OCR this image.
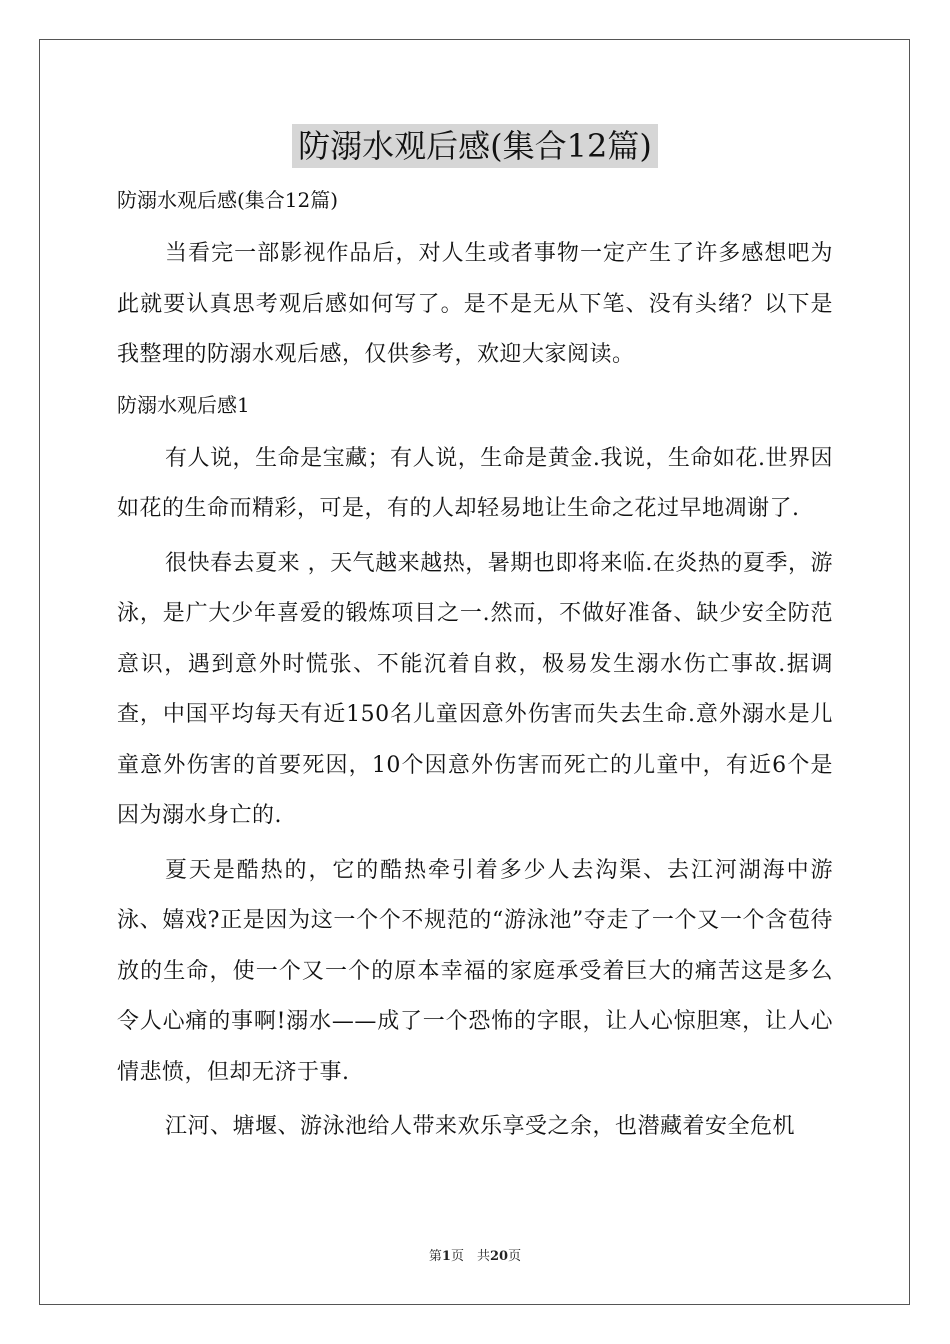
防溺水观后感(集合12篇)

防溺水观后感(集合12篇)

当看完一部影视作品后，对人生或者事物一定产生了许多感想吧为此就要认真思考观后感如何写了。是不是无从下笔、没有头绪？以下是我整理的防溺水观后感，仅供参考，欢迎大家阅读。

防溺水观后感1

有人说，生命是宝藏；有人说，生命是黄金.我说，生命如花.世界因如花的生命而精彩，可是，有的人却轻易地让生命之花过早地凋谢了.

很快春去夏来 ，天气越来越热，暑期也即将来临.在炎热的夏季，游泳，是广大少年喜爱的锻炼项目之一.然而，不做好准备、缺少安全防范意识，遇到意外时慌张、不能沉着自救，极易发生溺水伤亡事故.据调查，中国平均每天有近150名儿童因意外伤害而失去生命.意外溺水是儿童意外伤害的首要死因，10个因意外伤害而死亡的儿童中，有近6个是因为溺水身亡的.

夏天是酷热的，它的酷热牵引着多少人去沟渠、去江河湖海中游泳、嬉戏?正是因为这一个个不规范的“游泳池”夺走了一个又一个含苞待放的生命，使一个又一个的原本幸福的家庭承受着巨大的痛苦这是多么令人心痛的事啊!溺水——成了一个恐怖的字眼，让人心惊胆寒，让人心情悲愤，但却无济于事.

江河、塘堰、游泳池给人带来欢乐享受之余，也潜藏着安全危机

第1页　共20页
